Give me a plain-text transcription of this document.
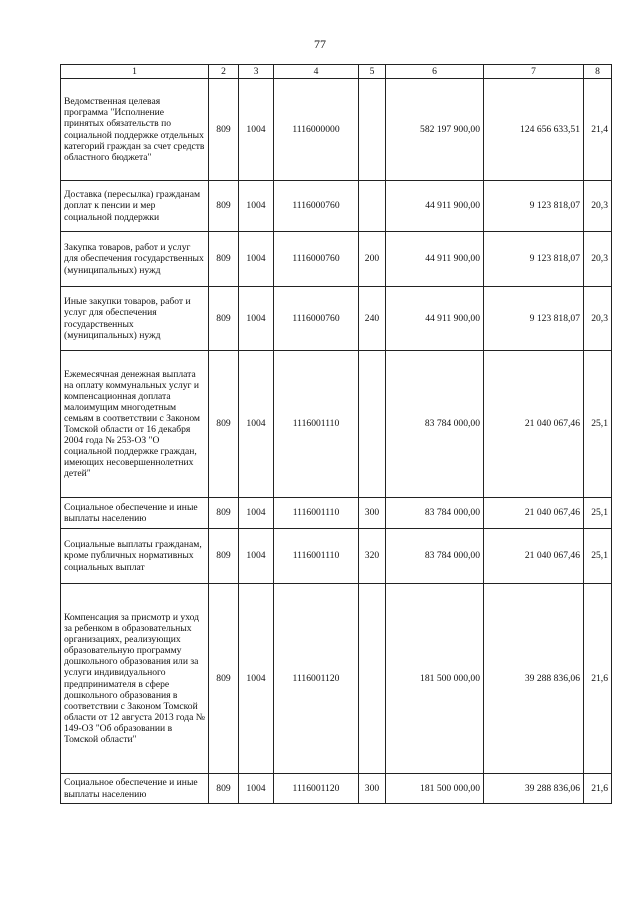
77
1	2	3	4	5	6	7	8
Ведомственная целевая программа "Исполнение принятых обязательств по социальной поддержке отдельных категорий граждан за счет средств областного бюджета"	809	1004	1116000000		582 197 900,00	124 656 633,51	21,4
Доставка (пересылка) гражданам доплат к пенсии и мер социальной поддержки	809	1004	1116000760		44 911 900,00	9 123 818,07	20,3
Закупка товаров, работ и услуг для обеспечения государственных (муниципальных) нужд	809	1004	1116000760	200	44 911 900,00	9 123 818,07	20,3
Иные закупки товаров, работ и услуг для обеспечения государственных (муниципальных) нужд	809	1004	1116000760	240	44 911 900,00	9 123 818,07	20,3
Ежемесячная денежная выплата на оплату коммунальных услуг и компенсационная доплата малоимущим многодетным семьям в соответствии с Законом Томской области от 16 декабря 2004 года № 253-ОЗ "О социальной поддержке граждан, имеющих несовершеннолетних детей"	809	1004	1116001110		83 784 000,00	21 040 067,46	25,1
Социальное обеспечение и иные выплаты населению	809	1004	1116001110	300	83 784 000,00	21 040 067,46	25,1
Социальные выплаты гражданам, кроме публичных нормативных социальных выплат	809	1004	1116001110	320	83 784 000,00	21 040 067,46	25,1
Компенсация за присмотр и уход за ребенком в образовательных организациях, реализующих образовательную программу дошкольного образования или за услуги индивидуального предпринимателя в сфере дошкольного образования в соответствии с Законом Томской области от 12 августа 2013 года № 149-ОЗ "Об образовании в Томской области"	809	1004	1116001120		181 500 000,00	39 288 836,06	21,6
Социальное обеспечение и иные выплаты населению	809	1004	1116001120	300	181 500 000,00	39 288 836,06	21,6
